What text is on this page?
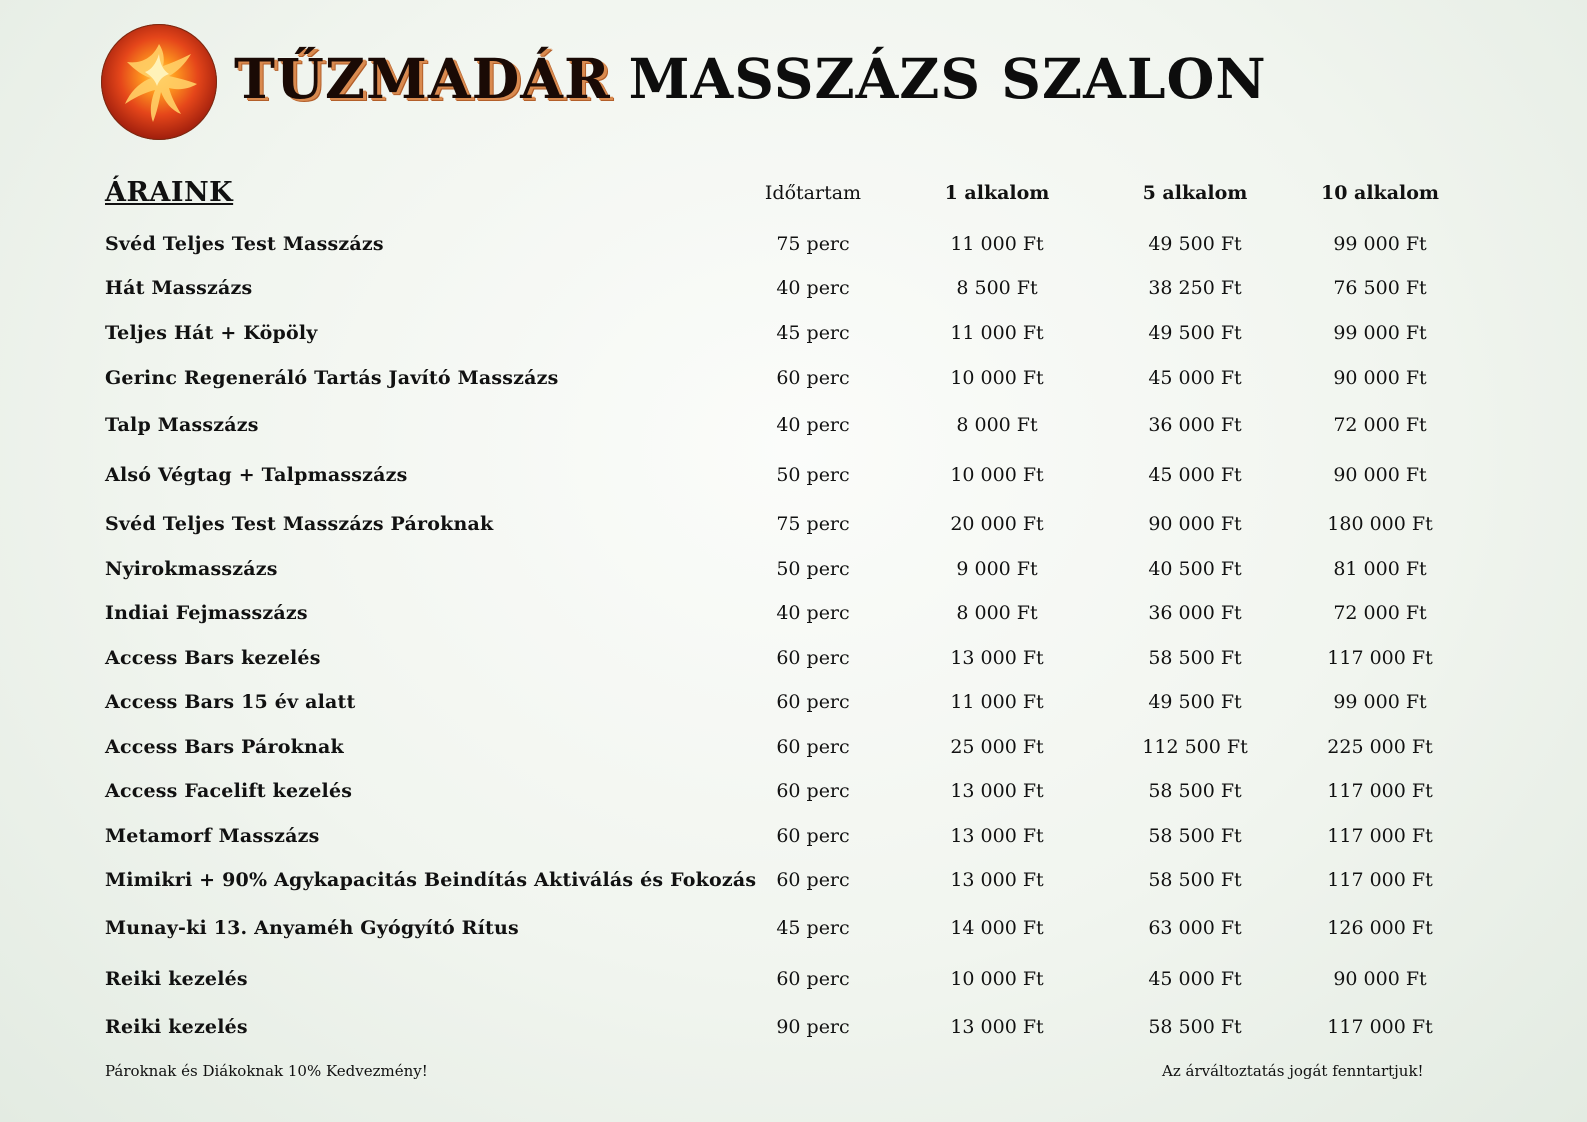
TŰZMADÁR MASSZÁZS SZALON
ÁRAINK	Időtartam	1 alkalom	5 alkalom	10 alkalom
Svéd Teljes Test Masszázs	75 perc	11 000 Ft	49 500 Ft	99 000 Ft
Hát Masszázs	40 perc	8 500 Ft	38 250 Ft	76 500 Ft
Teljes Hát + Köpöly	45 perc	11 000 Ft	49 500 Ft	99 000 Ft
Gerinc Regeneráló Tartás Javító Masszázs	60 perc	10 000 Ft	45 000 Ft	90 000 Ft
Talp Masszázs	40 perc	8 000 Ft	36 000 Ft	72 000 Ft
Alsó Végtag + Talpmasszázs	50 perc	10 000 Ft	45 000 Ft	90 000 Ft
Svéd Teljes Test Masszázs Pároknak	75 perc	20 000 Ft	90 000 Ft	180 000 Ft
Nyirokmasszázs	50 perc	9 000 Ft	40 500 Ft	81 000 Ft
Indiai Fejmasszázs	40 perc	8 000 Ft	36 000 Ft	72 000 Ft
Access Bars kezelés	60 perc	13 000 Ft	58 500 Ft	117 000 Ft
Access Bars 15 év alatt	60 perc	11 000 Ft	49 500 Ft	99 000 Ft
Access Bars Pároknak	60 perc	25 000 Ft	112 500 Ft	225 000 Ft
Access Facelift kezelés	60 perc	13 000 Ft	58 500 Ft	117 000 Ft
Metamorf Masszázs	60 perc	13 000 Ft	58 500 Ft	117 000 Ft
Mimikri + 90% Agykapacitás Beindítás Aktiválás és Fokozás	60 perc	13 000 Ft	58 500 Ft	117 000 Ft
Munay-ki 13. Anyaméh Gyógyító Rítus	45 perc	14 000 Ft	63 000 Ft	126 000 Ft
Reiki kezelés	60 perc	10 000 Ft	45 000 Ft	90 000 Ft
Reiki kezelés	90 perc	13 000 Ft	58 500 Ft	117 000 Ft
Pároknak és Diákoknak 10% Kedvezmény!	Az árváltoztatás jogát fenntartjuk!
